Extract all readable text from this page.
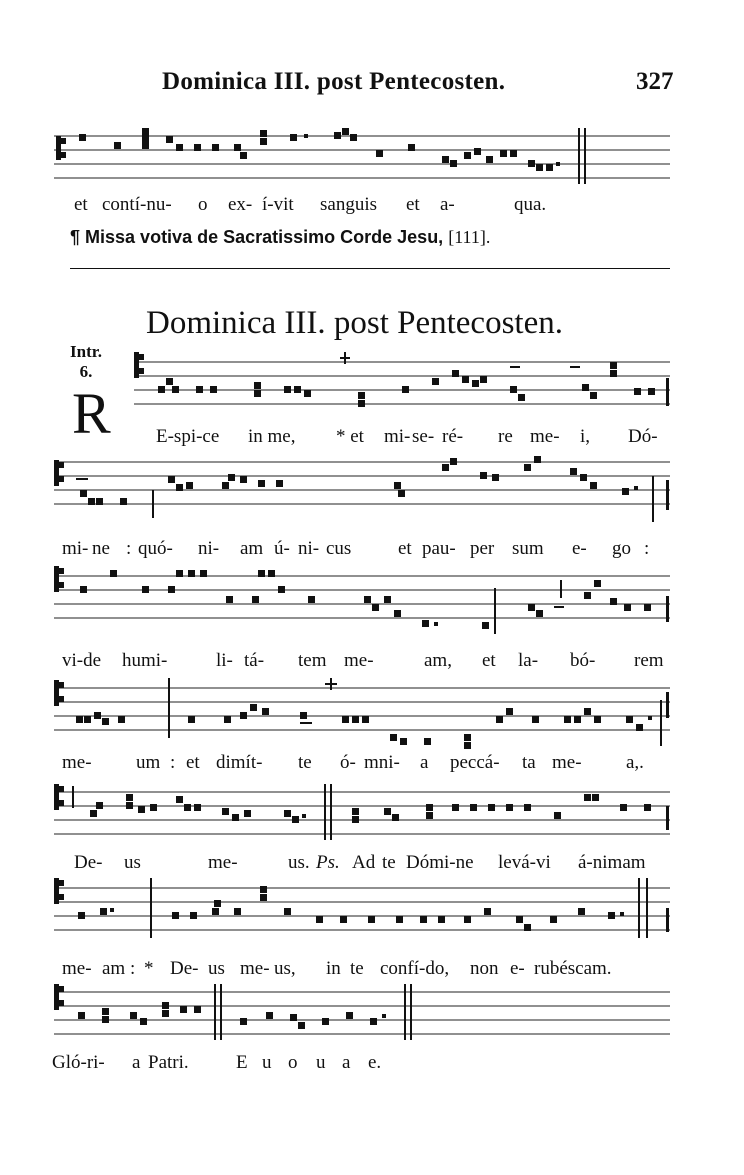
Dominica III. post Pentecosten.	327
et contí-nu- o ex- í-vit sanguis et a-	qua.
¶ Missa votiva de Sacratissimo Corde Jesu, [111].
Dominica III. post Pentecosten.
Intr.
6.
R E-spi-ce in me, * et mi- se- ré- re me- i, Dó-
mi- ne : quó- ni- am ú- ni- cus et pau- per sum e- go :
vi-de humi-	li- tá- tem me-	am, et la- bó- rem
me- um : et dimít- te ó- mni- a peccá- ta me- a,.
De- us	me-	us. Ps. Ad te Dómi-ne levá-vi á-nimam
me- am : * De- us me- us, in te confí-do, non e- rubéscam.
Gló-ri- a Patri. E u o u a e.
